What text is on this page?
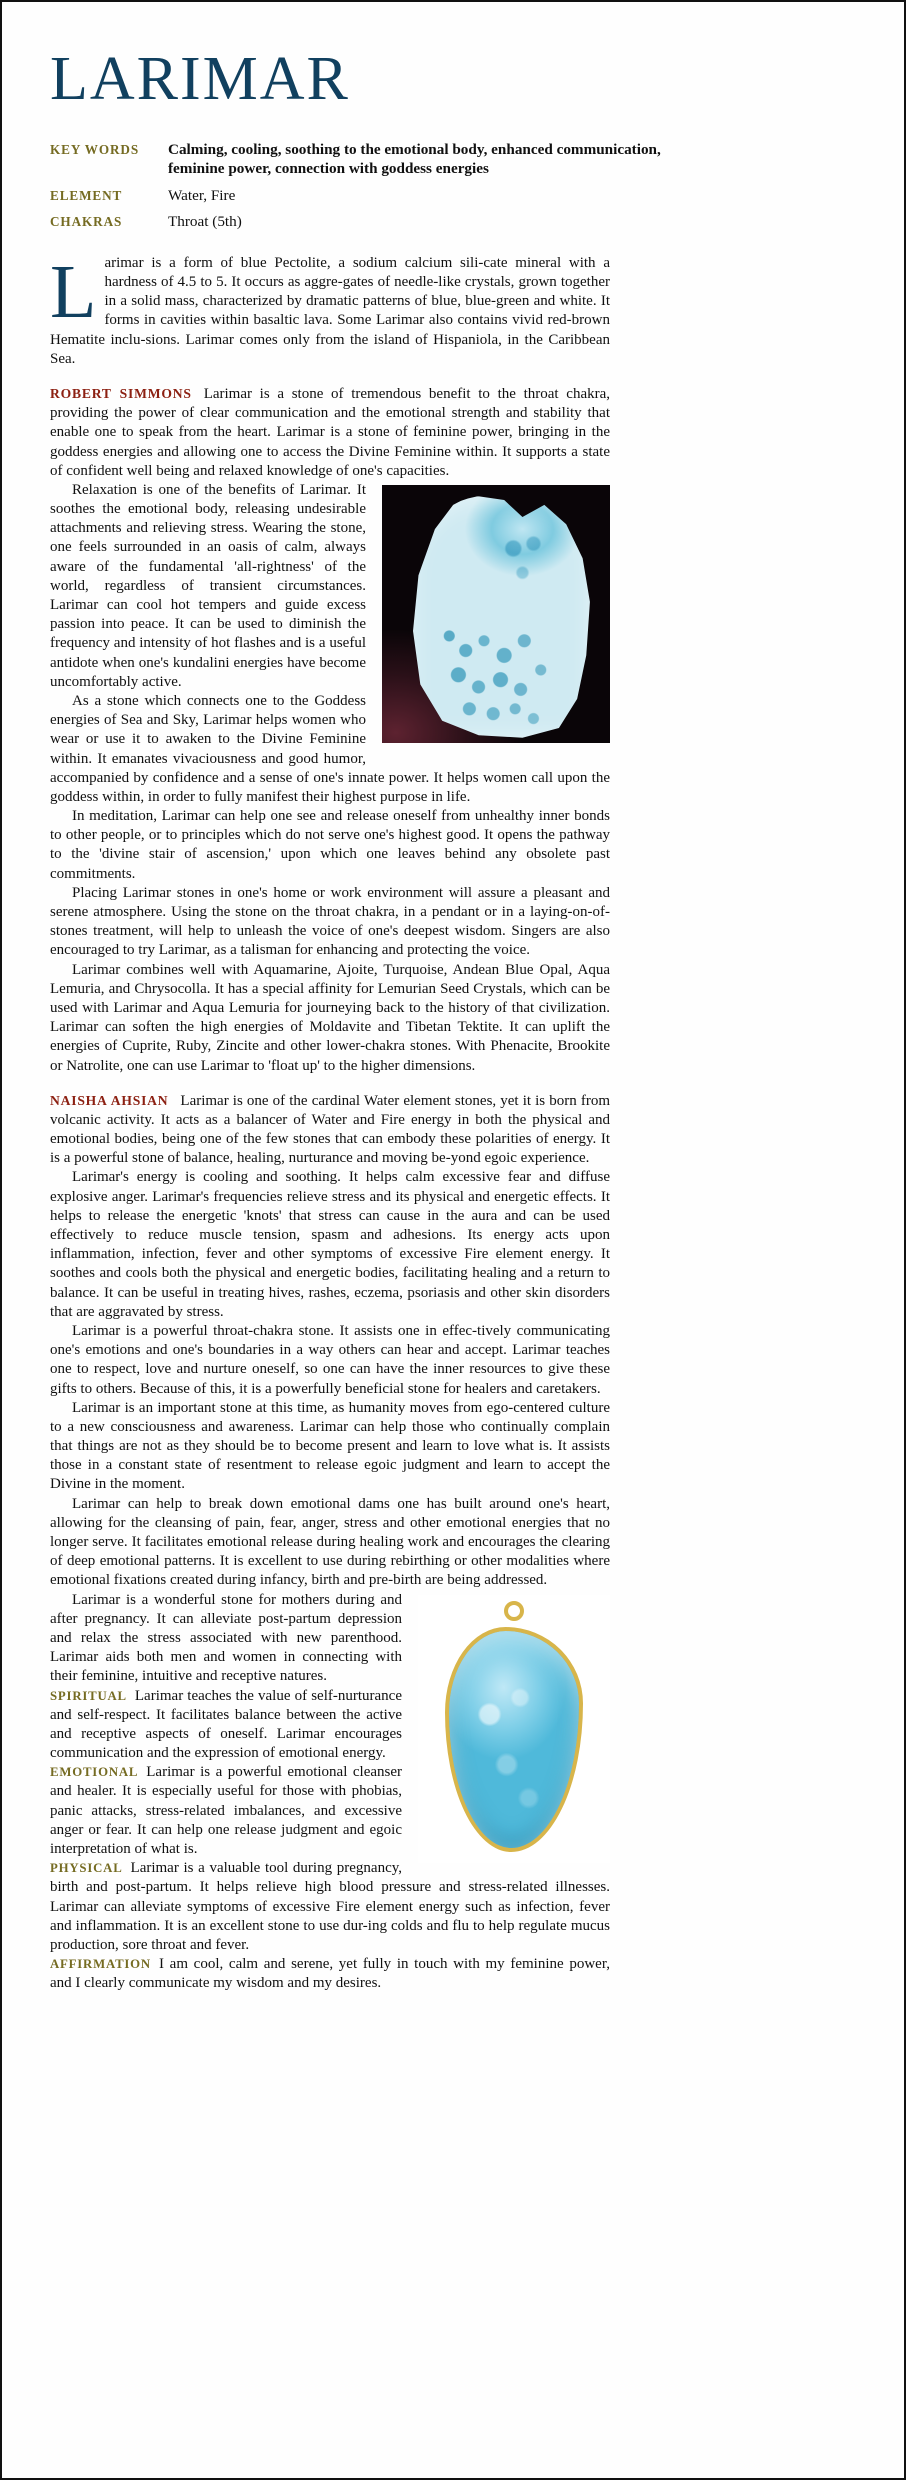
LARIMAR
KEY WORDS	Calming, cooling, soothing to the emotional body, enhanced communication, feminine power, connection with goddess energies
ELEMENT	Water, Fire
CHAKRAS	Throat (5th)
L arimar is a form of blue Pectolite, a sodium calcium sili-cate mineral with a hardness of 4.5 to 5. It occurs as aggre-gates of needle-like crystals, grown together in a solid mass, characterized by dramatic patterns of blue, blue-green and white. It forms in cavities within basaltic lava. Some Larimar also contains vivid red-brown Hematite inclu-sions. Larimar comes only from the island of Hispaniola, in the Caribbean Sea.

ROBERT SIMMONS Larimar is a stone of tremendous benefit to the throat chakra, providing the power of clear communication and the emotional strength and stability that enable one to speak from the heart. Larimar is a stone of feminine power, bringing in the goddess energies and allowing one to access the Divine Feminine within. It supports a state of confident well being and relaxed knowledge of one's capacities.

Relaxation is one of the benefits of Larimar. It soothes the emotional body, releasing undesirable attachments and relieving stress. Wearing the stone, one feels surrounded in an oasis of calm, always aware of the fundamental 'all-rightness' of the world, regardless of transient circumstances. Larimar can cool hot tempers and guide excess passion into peace. It can be used to diminish the frequency and intensity of hot flashes and is a useful antidote when one's kundalini energies have become uncomfortably active.

As a stone which connects one to the Goddess energies of Sea and Sky, Larimar helps women who wear or use it to awaken to the Divine Feminine within. It emanates vivaciousness and good humor, accompanied by confidence and a sense of one's innate power. It helps women call upon the goddess within, in order to fully manifest their highest purpose in life.

In meditation, Larimar can help one see and release oneself from unhealthy inner bonds to other people, or to principles which do not serve one's highest good. It opens the pathway to the 'divine stair of ascension,' upon which one leaves behind any obsolete past commitments.

Placing Larimar stones in one's home or work environment will assure a pleasant and serene atmosphere. Using the stone on the throat chakra, in a pendant or in a laying-on-of-stones treatment, will help to unleash the voice of one's deepest wisdom. Singers are also encouraged to try Larimar, as a talisman for enhancing and protecting the voice.

Larimar combines well with Aquamarine, Ajoite, Turquoise, Andean Blue Opal, Aqua Lemuria, and Chrysocolla. It has a special affinity for Lemurian Seed Crystals, which can be used with Larimar and Aqua Lemuria for journeying back to the history of that civilization. Larimar can soften the high energies of Moldavite and Tibetan Tektite. It can uplift the energies of Cuprite, Ruby, Zincite and other lower-chakra stones. With Phenacite, Brookite or Natrolite, one can use Larimar to 'float up' to the higher dimensions.

NAISHA AHSIAN Larimar is one of the cardinal Water element stones, yet it is born from volcanic activity. It acts as a balancer of Water and Fire energy in both the physical and emotional bodies, being one of the few stones that can embody these polarities of energy. It is a powerful stone of balance, healing, nurturance and moving be-yond egoic experience.

Larimar's energy is cooling and soothing. It helps calm excessive fear and diffuse explosive anger. Larimar's frequencies relieve stress and its physical and energetic effects. It helps to release the energetic 'knots' that stress can cause in the aura and can be used effectively to reduce muscle tension, spasm and adhesions. Its energy acts upon inflammation, infection, fever and other symptoms of excessive Fire element energy. It soothes and cools both the physical and energetic bodies, facilitating healing and a return to balance. It can be useful in treating hives, rashes, eczema, psoriasis and other skin disorders that are aggravated by stress.

Larimar is a powerful throat-chakra stone. It assists one in effec-tively communicating one's emotions and one's boundaries in a way others can hear and accept. Larimar teaches one to respect, love and nurture oneself, so one can have the inner resources to give these gifts to others. Because of this, it is a powerfully beneficial stone for healers and caretakers.

Larimar is an important stone at this time, as humanity moves from ego-centered culture to a new consciousness and awareness. Larimar can help those who continually complain that things are not as they should be to become present and learn to love what is. It assists those in a constant state of resentment to release egoic judgment and learn to accept the Divine in the moment.

Larimar can help to break down emotional dams one has built around one's heart, allowing for the cleansing of pain, fear, anger, stress and other emotional energies that no longer serve. It facilitates emotional release during healing work and encourages the clearing of deep emotional patterns. It is excellent to use during rebirthing or other modalities where emotional fixations created during infancy, birth and pre-birth are being addressed.

Larimar is a wonderful stone for mothers during and after pregnancy. It can alleviate post-partum depression and relax the stress associated with new parenthood. Larimar aids both men and women in connecting with their feminine, intuitive and receptive natures.

SPIRITUAL Larimar teaches the value of self-nurturance and self-respect. It facilitates balance between the active and receptive aspects of oneself. Larimar encourages communication and the expression of emotional energy.

EMOTIONAL Larimar is a powerful emotional cleanser and healer. It is especially useful for those with phobias, panic attacks, stress-related imbalances, and excessive anger or fear. It can help one release judgment and egoic interpretation of what is.

PHYSICAL Larimar is a valuable tool during pregnancy, birth and post-partum. It helps relieve high blood pressure and stress-related illnesses. Larimar can alleviate symptoms of excessive Fire element energy such as infection, fever and inflammation. It is an excellent stone to use dur-ing colds and flu to help regulate mucus production, sore throat and fever.

AFFIRMATION I am cool, calm and serene, yet fully in touch with my feminine power, and I clearly communicate my wisdom and my desires.
